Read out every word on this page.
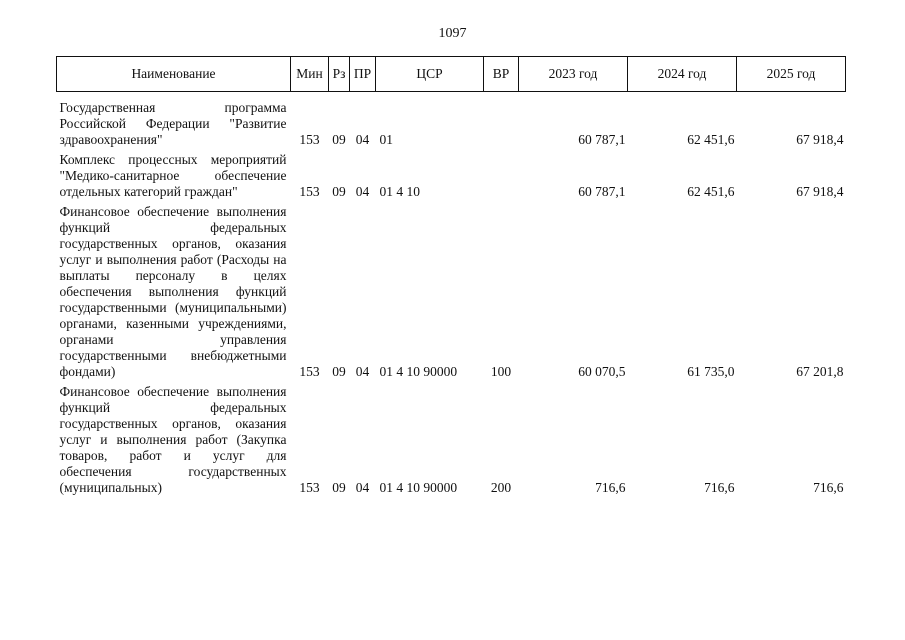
1097
Наименование	Мин	Рз	ПР	ЦСР	ВР	2023 год	2024 год	2025 год
Государственная программа Российской Федерации "Развитие здравоохранения"	153	09	04	01		60 787,1	62 451,6	67 918,4
Комплекс процессных мероприятий "Медико-санитарное обеспечение отдельных категорий граждан"	153	09	04	01 4 10		60 787,1	62 451,6	67 918,4
Финансовое обеспечение выполнения функций федеральных государственных органов, оказания услуг и выполнения работ (Расходы на выплаты персоналу в целях обеспечения выполнения функций государственными (муниципальными) органами, казенными учреждениями, органами управления государственными внебюджетными фондами)	153	09	04	01 4 10 90000	100	60 070,5	61 735,0	67 201,8
Финансовое обеспечение выполнения функций федеральных государственных органов, оказания услуг и выполнения работ (Закупка товаров, работ и услуг для обеспечения государственных (муниципальных)	153	09	04	01 4 10 90000	200	716,6	716,6	716,6
